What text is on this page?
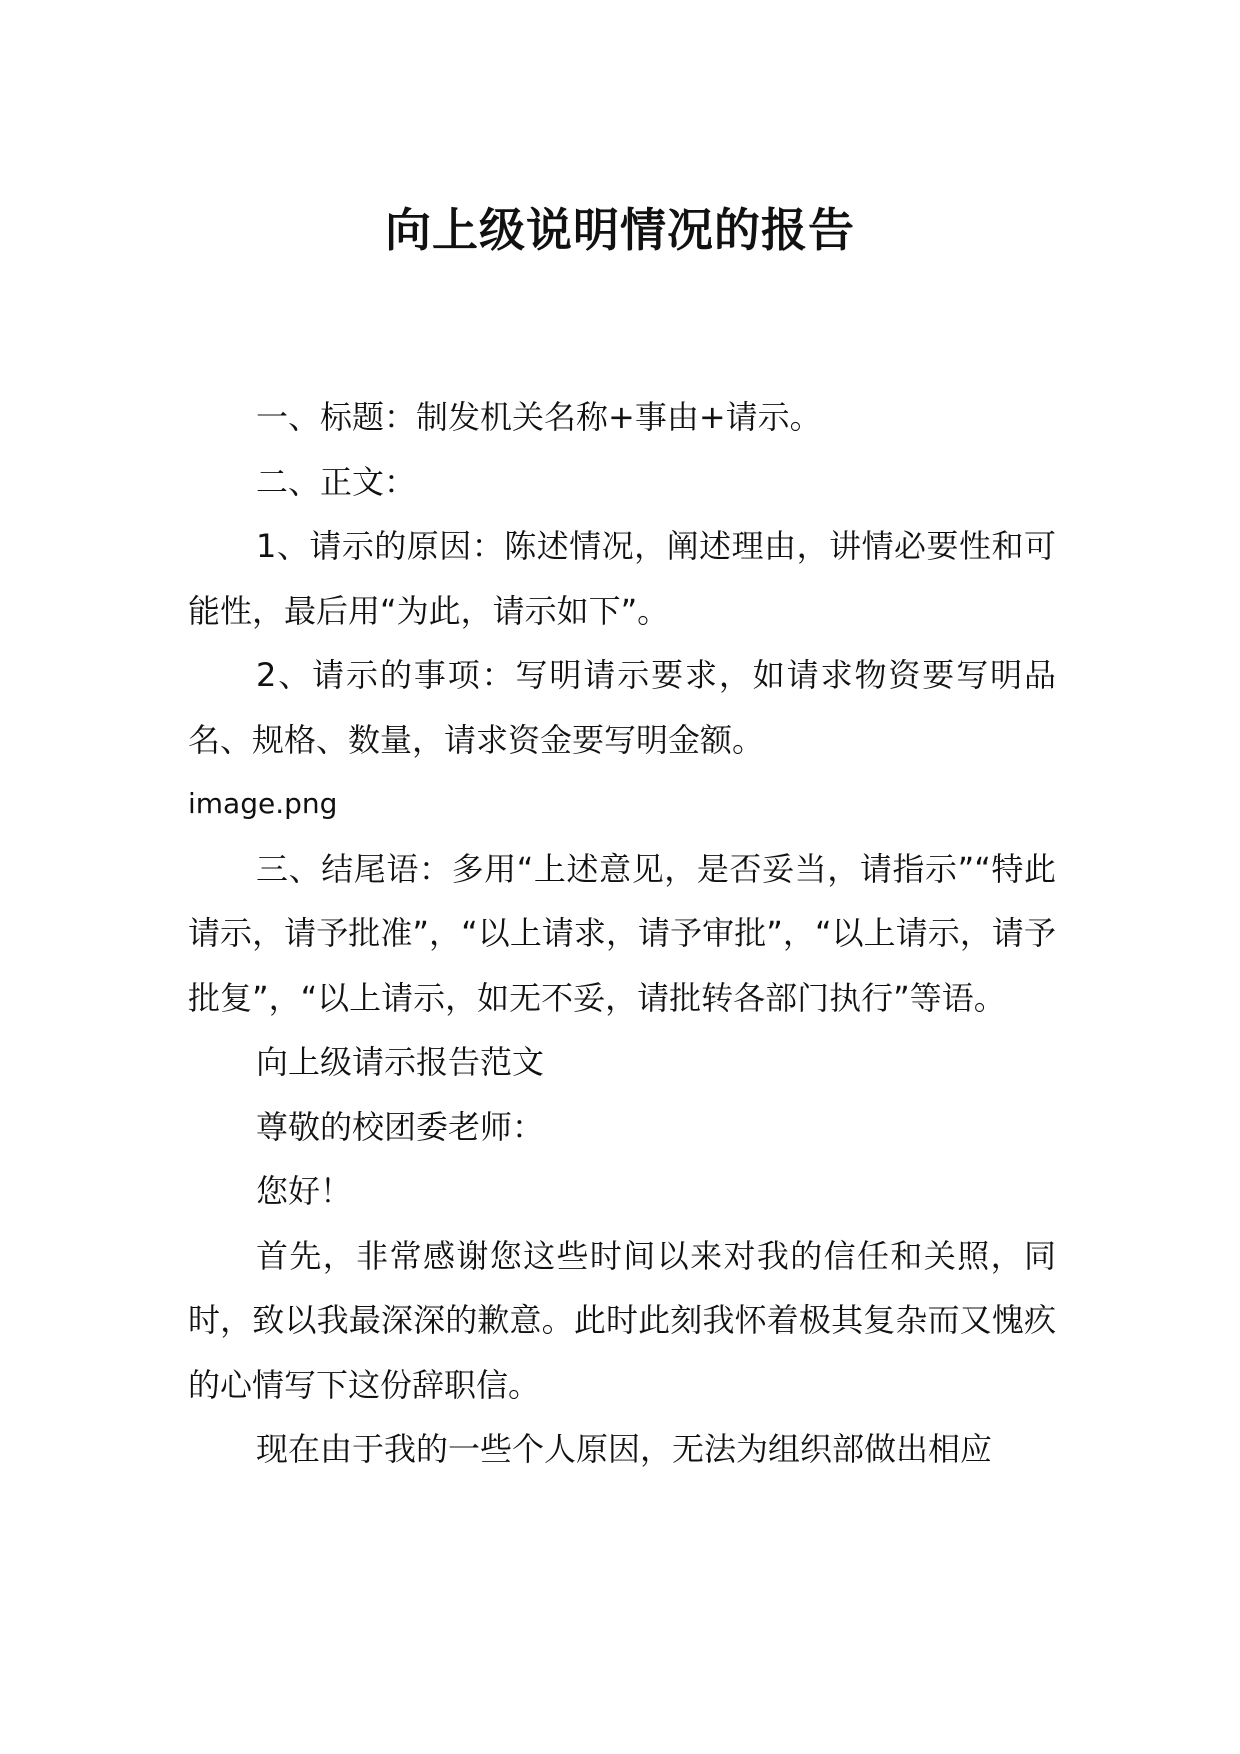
向上级说明情况的报告

一、标题：制发机关名称+事由+请示。

二、正文：

1、请示的原因：陈述情况，阐述理由，讲情必要性和可能性，最后用“为此，请示如下”。

2、请示的事项：写明请示要求，如请求物资要写明品名、规格、数量，请求资金要写明金额。

image.png

三、结尾语：多用“上述意见，是否妥当，请指示”“特此请示，请予批准”，“以上请求，请予审批”，“以上请示，请予批复”，“以上请示，如无不妥，请批转各部门执行”等语。

向上级请示报告范文

尊敬的校团委老师：

您好！

首先，非常感谢您这些时间以来对我的信任和关照，同时，致以我最深深的歉意。此时此刻我怀着极其复杂而又愧疚的心情写下这份辞职信。

现在由于我的一些个人原因，无法为组织部做出相应
